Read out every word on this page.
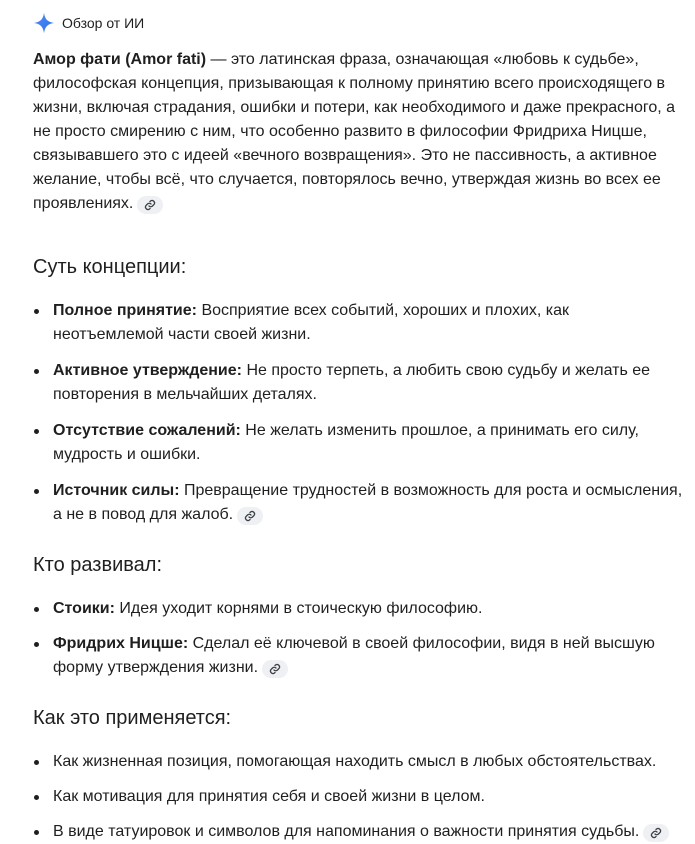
Обзор от ИИ

Амор фати (Amor fati) — это латинская фраза, означающая «любовь к судьбе», философская концепция, призывающая к полному принятию всего происходящего в жизни, включая страдания, ошибки и потери, как необходимого и даже прекрасного, а не просто смирению с ним, что особенно развито в философии Фридриха Ницше, связывавшего это с идеей «вечного возвращения». Это не пассивность, а активное желание, чтобы всё, что случается, повторялось вечно, утверждая жизнь во всех ее проявлениях.

Суть концепции:
Полное принятие: Восприятие всех событий, хороших и плохих, как неотъемлемой части своей жизни.
Активное утверждение: Не просто терпеть, а любить свою судьбу и желать ее повторения в мельчайших деталях.
Отсутствие сожалений: Не желать изменить прошлое, а принимать его силу, мудрость и ошибки.
Источник силы: Превращение трудностей в возможность для роста и осмысления, а не в повод для жалоб.
Кто развивал:
Стоики: Идея уходит корнями в стоическую философию.
Фридрих Ницше: Сделал её ключевой в своей философии, видя в ней высшую форму утверждения жизни.
Как это применяется:
Как жизненная позиция, помогающая находить смысл в любых обстоятельствах.
Как мотивация для принятия себя и своей жизни в целом.
В виде татуировок и символов для напоминания о важности принятия судьбы.
